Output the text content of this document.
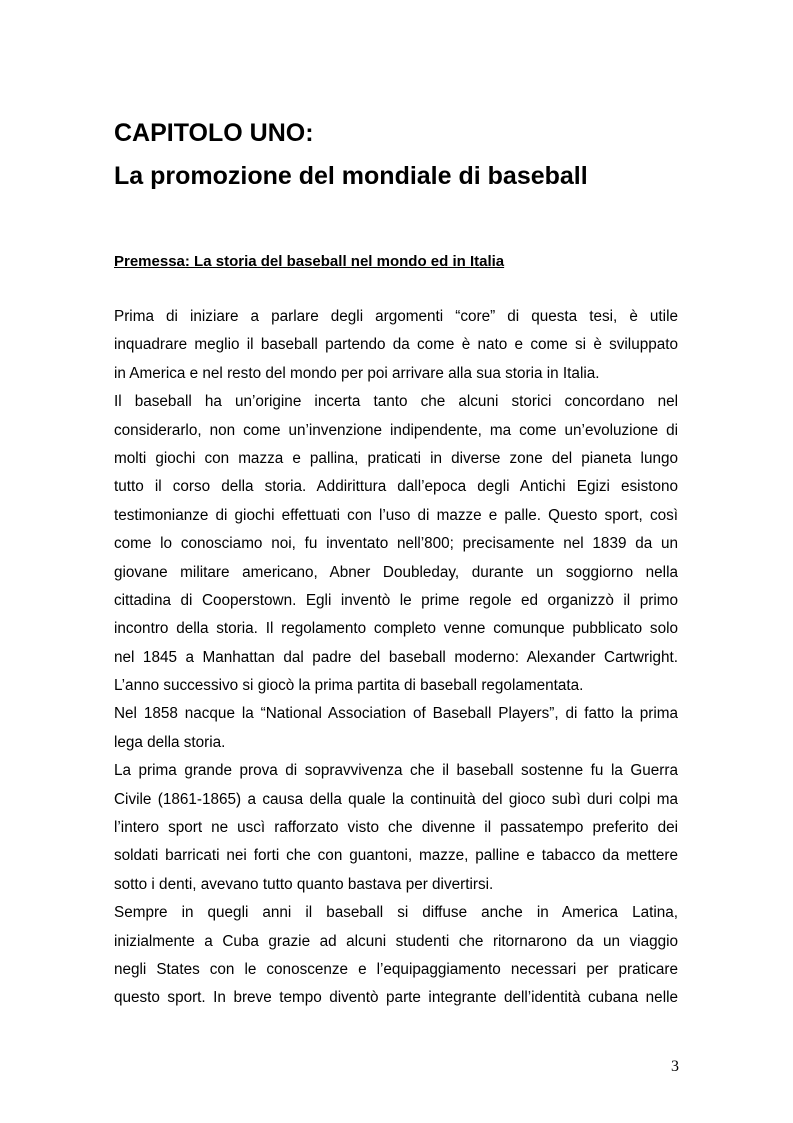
CAPITOLO UNO:
La promozione del mondiale di baseball
Premessa: La storia del baseball nel mondo ed in Italia
Prima di iniziare a parlare degli argomenti “core” di questa tesi, è utile
inquadrare meglio il baseball partendo da come è nato e come si è sviluppato
in America e nel resto del mondo per poi arrivare alla sua storia in Italia.
Il baseball ha un’origine incerta tanto che alcuni storici concordano nel
considerarlo, non come un’invenzione indipendente, ma come un’evoluzione di
molti giochi con mazza e pallina, praticati in diverse zone del pianeta lungo
tutto il corso della storia. Addirittura dall’epoca degli Antichi Egizi esistono
testimonianze di giochi effettuati con l’uso di mazze e palle. Questo sport, così
come lo conosciamo noi, fu inventato nell’800; precisamente nel 1839 da un
giovane militare americano, Abner Doubleday, durante un soggiorno nella
cittadina di Cooperstown. Egli inventò le prime regole ed organizzò il primo
incontro della storia. Il regolamento completo venne comunque pubblicato solo
nel 1845 a Manhattan dal padre del baseball moderno: Alexander Cartwright.
L’anno successivo si giocò la prima partita di baseball regolamentata.
Nel 1858 nacque la “National Association of Baseball Players”, di fatto la prima
lega della storia.
La prima grande prova di sopravvivenza che il baseball sostenne fu la Guerra
Civile (1861-1865) a causa della quale la continuità del gioco subì duri colpi ma
l’intero sport ne uscì rafforzato visto che divenne il passatempo preferito dei
soldati barricati nei forti che con guantoni, mazze, palline e tabacco da mettere
sotto i denti, avevano tutto quanto bastava per divertirsi.
Sempre in quegli anni il baseball si diffuse anche in America Latina,
inizialmente a Cuba grazie ad alcuni studenti che ritornarono da un viaggio
negli States con le conoscenze e l’equipaggiamento necessari per praticare
questo sport. In breve tempo diventò parte integrante dell’identità cubana nelle
3
